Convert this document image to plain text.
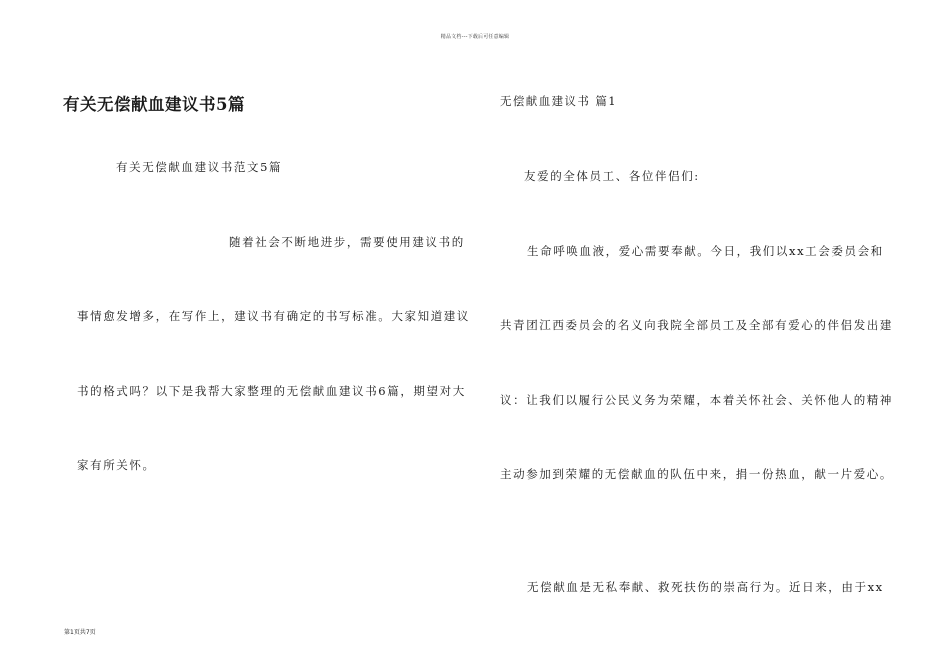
精品文档---下载后可任意编辑
有关无偿献血建议书5篇
有关无偿献血建议书范文5篇
随着社会不断地进步，需要使用建议书的
事情愈发增多，在写作上，建议书有确定的书写标准。大家知道建议
书的格式吗？以下是我帮大家整理的无偿献血建议书6篇，期望对大
家有所关怀。
无偿献血建议书 篇1
友爱的全体员工、各位伴侣们:
生命呼唤血液，爱心需要奉献。今日，我们以xx工会委员会和
共青团江西委员会的名义向我院全部员工及全部有爱心的伴侣发出建
议：让我们以履行公民义务为荣耀，本着关怀社会、关怀他人的精神
主动参加到荣耀的无偿献血的队伍中来，捐一份热血，献一片爱心。
无偿献血是无私奉献、救死扶伤的崇高行为。近日来，由于xx
第1页共7页
